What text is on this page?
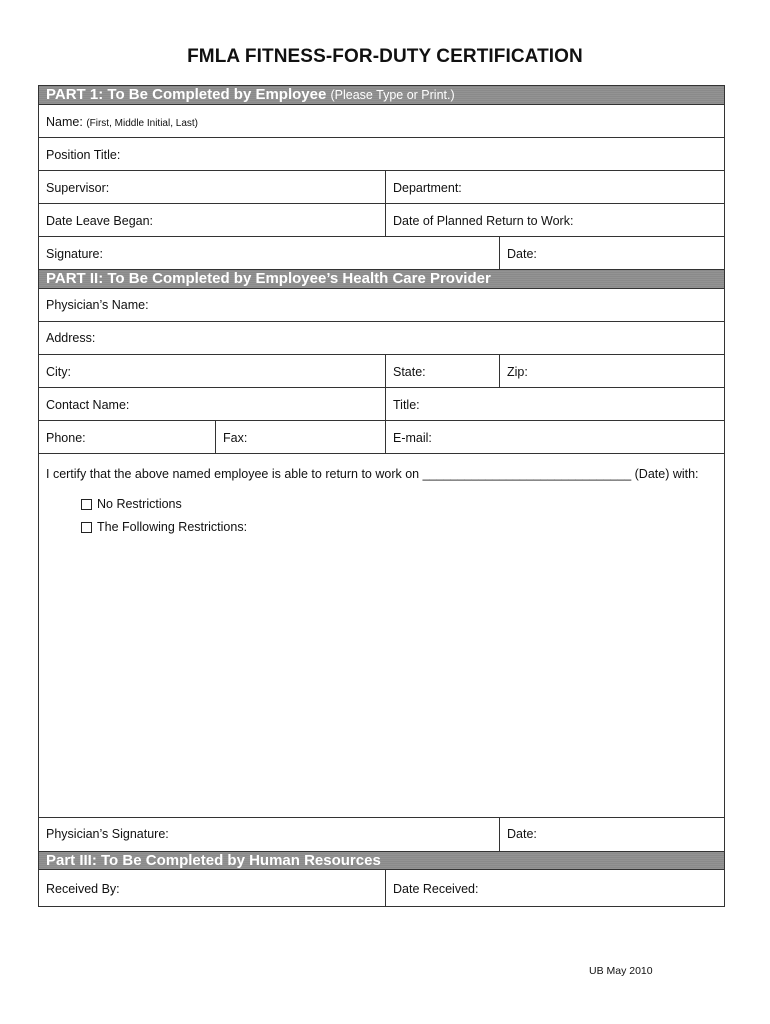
FMLA FITNESS-FOR-DUTY CERTIFICATION
PART 1: To Be Completed by Employee (Please Type or Print.)
Name: (First, Middle Initial, Last)
Position Title:
Supervisor:	Department:
Date Leave Began:	Date of Planned Return to Work:
Signature:	Date:
PART II: To Be Completed by Employee’s Health Care Provider
Physician’s Name:
Address:
City:	State:	Zip:
Contact Name:	Title:
Phone:	Fax:	E-mail:
I certify that the above named employee is able to return to work on ______________________________ (Date) with:
No Restrictions
The Following Restrictions:
Physician’s Signature:	Date:
Part III: To Be Completed by Human Resources
Received By:	Date Received:
UB May 2010
